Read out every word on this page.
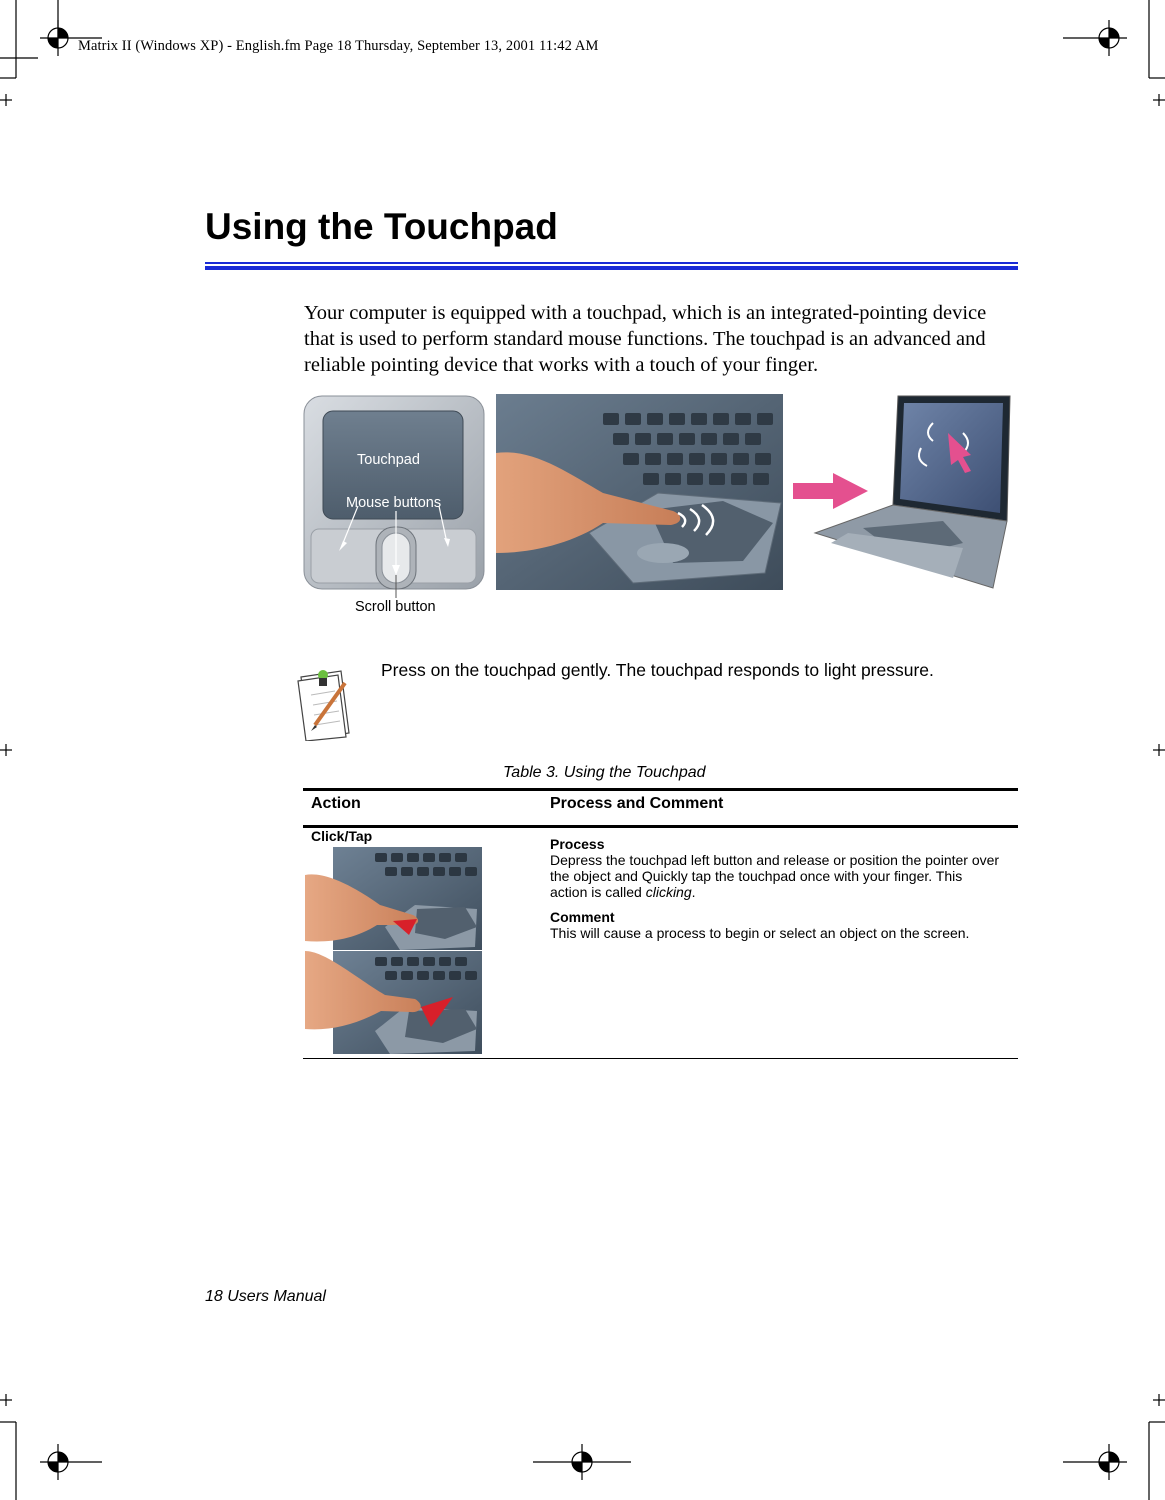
Matrix II (Windows XP) - English.fm Page 18 Thursday, September 13, 2001 11:42 AM
Using the Touchpad

Your computer is equipped with a touchpad, which is an integrated-pointing device that is used to perform standard mouse functions. The touchpad is an advanced and reliable pointing device that works with a touch of your finger.

Touchpad
Mouse buttons
Scroll button
Press on the touchpad gently. The touchpad responds to light pressure.
Table 3. Using the Touchpad
Action	Process and Comment
Click/Tap	Process
Depress the touchpad left button and release or position the pointer over the object and Quickly tap the touchpad once with your finger. This action is called clicking.
Comment
This will cause a process to begin or select an object on the screen.
18 Users Manual
